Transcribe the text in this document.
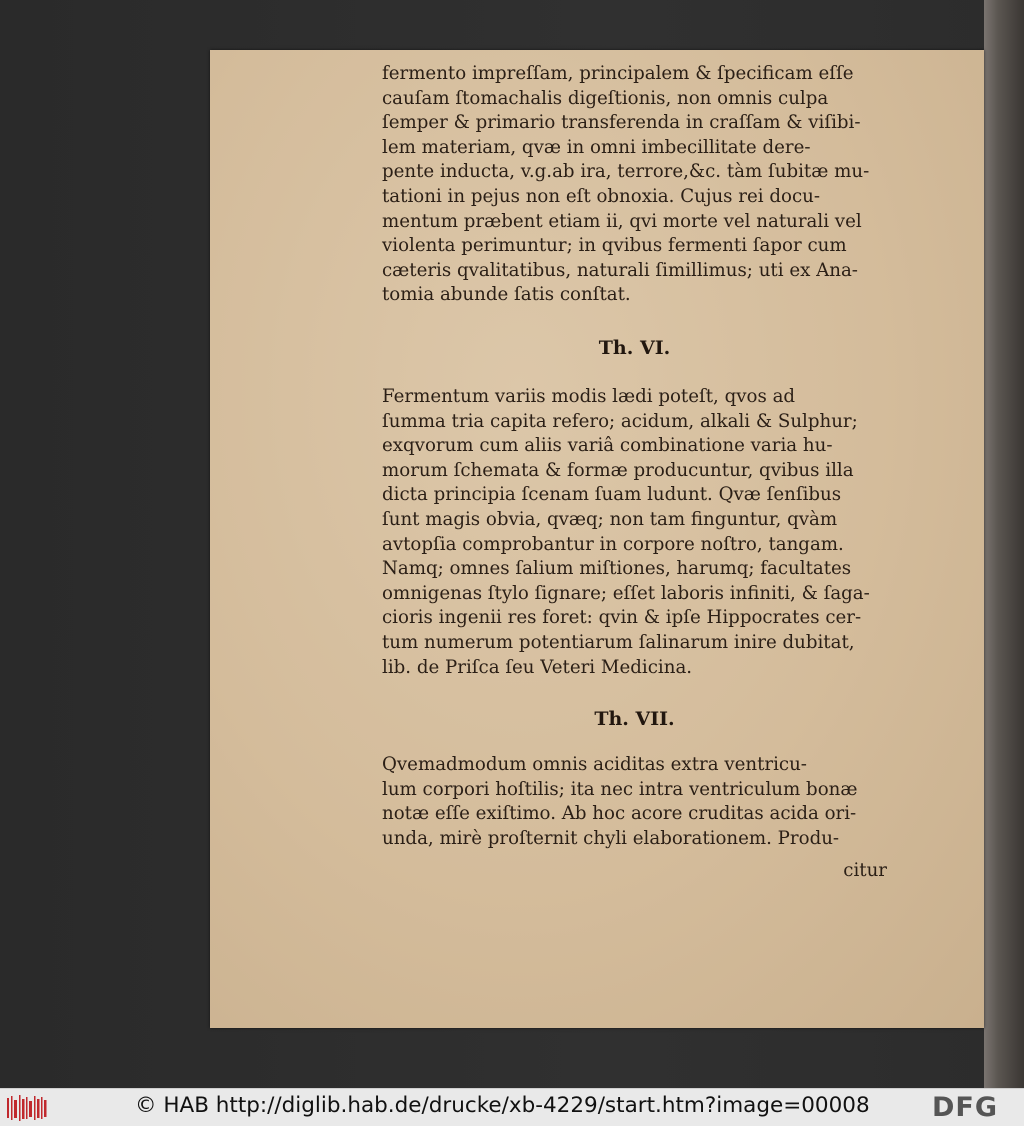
fermento impreſſam, principalem & ſpecificam eſſe
cauſam ſtomachalis digeſtionis, non omnis culpa
ſemper & primario transferenda in craſſam & viſibi-
lem materiam, qvæ in omni imbecillitate dere-
pente inducta, v.g.ab ira, terrore,&c. tàm ſubitæ mu-
tationi in pejus non eſt obnoxia. Cujus rei docu-
mentum præbent etiam ii, qvi morte vel naturali vel
violenta perimuntur; in qvibus fermenti ſapor cum
cæteris qvalitatibus, naturali ſimillimus; uti ex Ana-
tomia abunde ſatis conſtat.

Th. VI.

Fermentum variis modis lædi poteſt, qvos ad
ſumma tria capita refero; acidum, alkali & Sulphur;
exqvorum cum aliis variâ combinatione varia hu-
morum ſchemata & formæ producuntur, qvibus illa
dicta principia ſcenam ſuam ludunt. Qvæ ſenſibus
ſunt magis obvia, qvæq; non tam finguntur, qvàm
avtopſia comprobantur in corpore noſtro, tangam.
Namq; omnes ſalium miſtiones, harumq; facultates
omnigenas ſtylo ſignare; eſſet laboris infiniti, & ſaga-
cioris ingenii res foret: qvin & ipſe Hippocrates cer-
tum numerum potentiarum ſalinarum inire dubitat,
lib. de Priſca ſeu Veteri Medicina.

Th. VII.

Qvemadmodum omnis aciditas extra ventricu-
lum corpori hoſtilis; ita nec intra ventriculum bonæ
notæ eſſe exiſtimo. Ab hoc acore cruditas acida ori-
unda, mirè proſternit chyli elaborationem. Produ-

citur
© HAB http://diglib.hab.de/drucke/xb-4229/start.htm?image=00008 DFG
